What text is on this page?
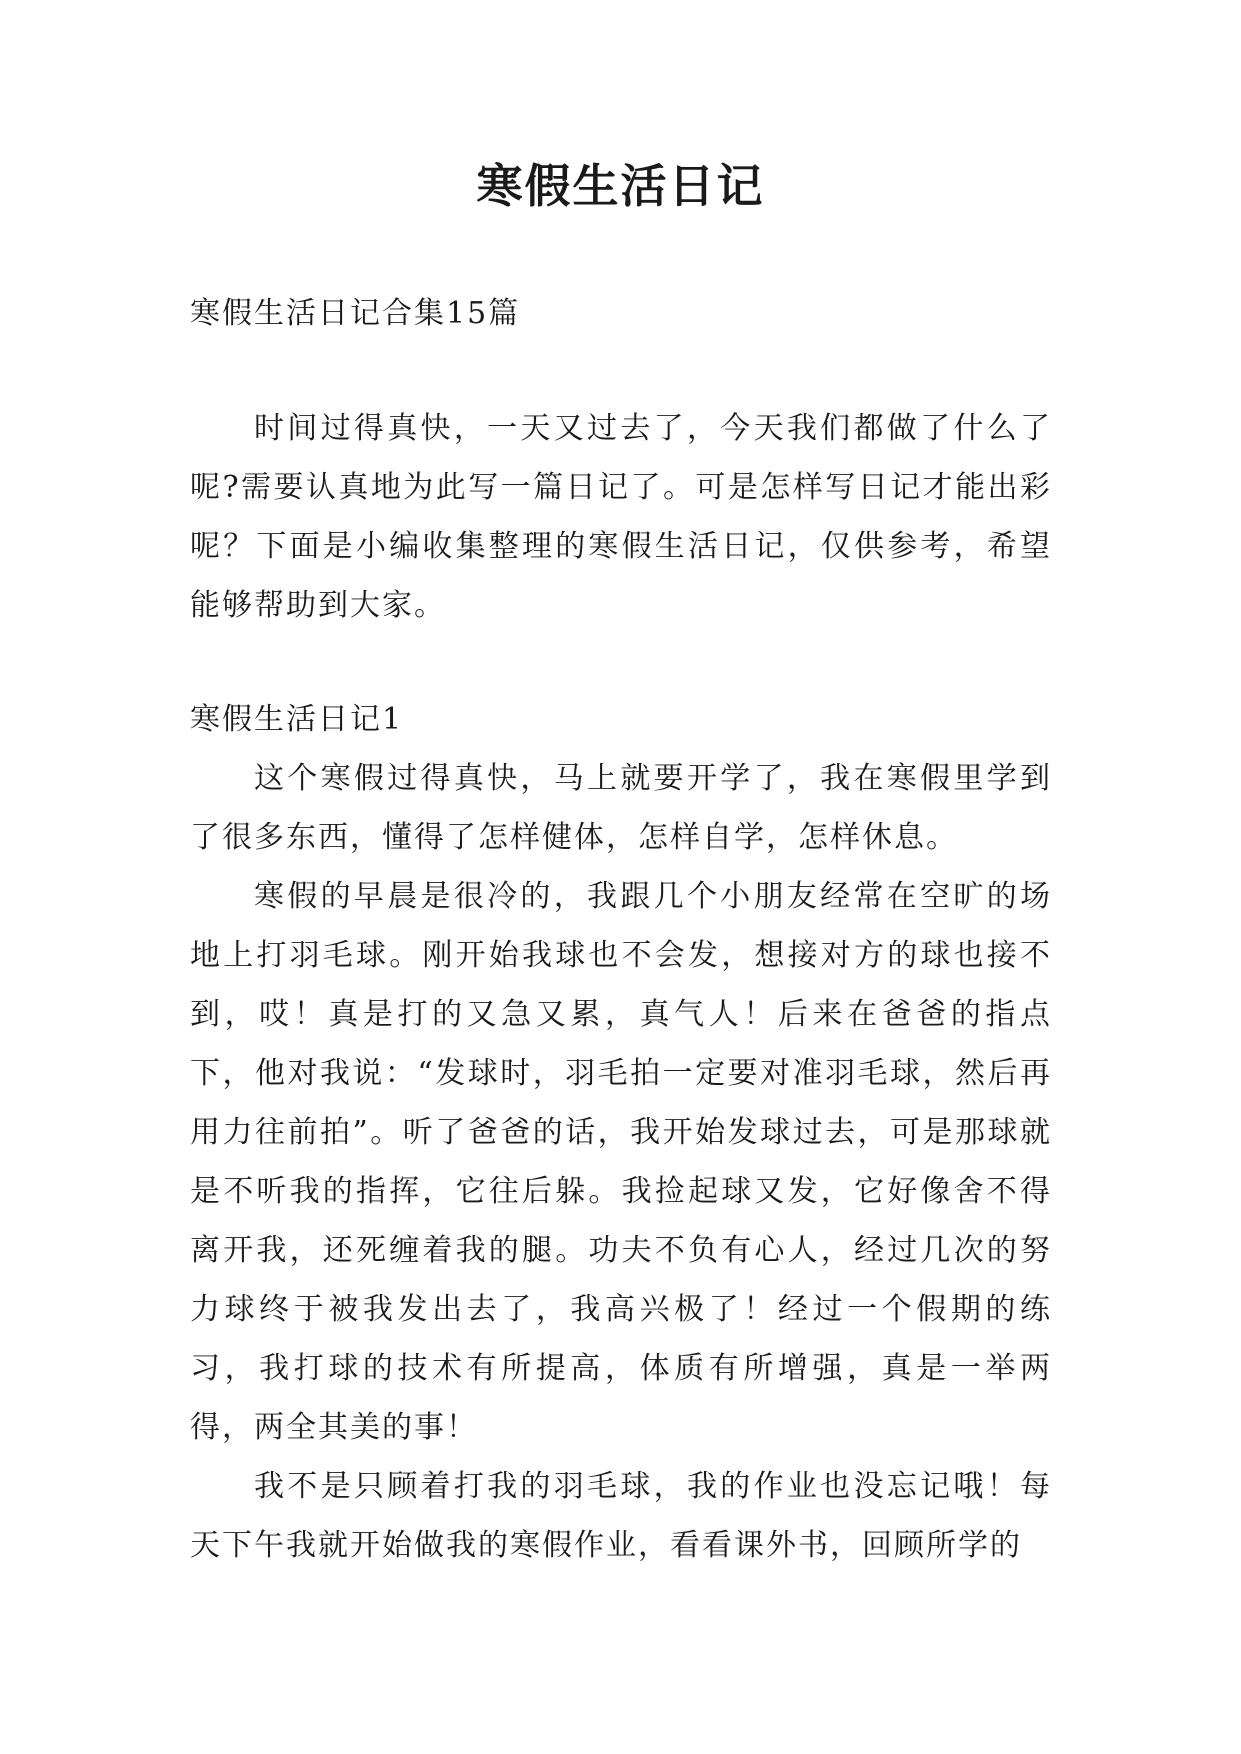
寒假生活日记
寒假生活日记合集15篇

时间过得真快，一天又过去了，今天我们都做了什么了呢?需要认真地为此写一篇日记了。可是怎样写日记才能出彩呢？下面是小编收集整理的寒假生活日记，仅供参考，希望能够帮助到大家。

寒假生活日记1

这个寒假过得真快，马上就要开学了，我在寒假里学到了很多东西，懂得了怎样健体，怎样自学，怎样休息。

寒假的早晨是很冷的，我跟几个小朋友经常在空旷的场地上打羽毛球。刚开始我球也不会发，想接对方的球也接不到，哎！真是打的又急又累，真气人！后来在爸爸的指点下，他对我说：“发球时，羽毛拍一定要对准羽毛球，然后再用力往前拍”。听了爸爸的话，我开始发球过去，可是那球就是不听我的指挥，它往后躲。我捡起球又发，它好像舍不得离开我，还死缠着我的腿。功夫不负有心人，经过几次的努力球终于被我发出去了，我高兴极了！经过一个假期的练习，我打球的技术有所提高，体质有所增强，真是一举两得，两全其美的事！

我不是只顾着打我的羽毛球，我的作业也没忘记哦！每天下午我就开始做我的寒假作业，看看课外书，回顾所学的
